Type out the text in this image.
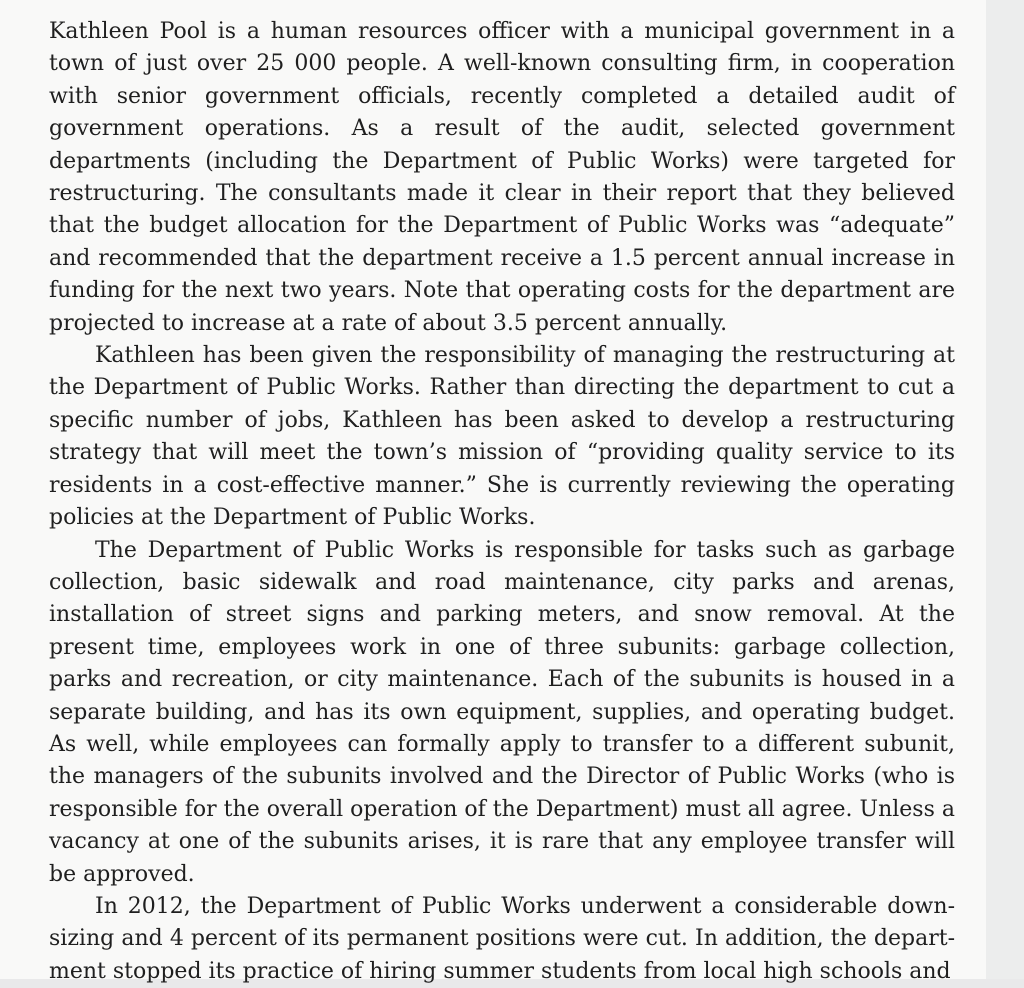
Kathleen Pool is a human resources officer with a municipal government in a town of just over 25 000 people. A well-known consulting firm, in cooperation with senior government officials, recently completed a detailed audit of government operations. As a result of the audit, selected government departments (including the Department of Public Works) were targeted for restructuring. The consultants made it clear in their report that they believed that the budget allocation for the Department of Public Works was “adequate” and recommended that the department receive a 1.5 percent annual increase in funding for the next two years. Note that operating costs for the department are projected to increase at a rate of about 3.5 percent annually.

Kathleen has been given the responsibility of managing the restructuring at the Department of Public Works. Rather than directing the department to cut a specific number of jobs, Kathleen has been asked to develop a restructuring strategy that will meet the town’s mission of “providing quality service to its residents in a cost-effective manner.” She is currently reviewing the operating policies at the Department of Public Works.

The Department of Public Works is responsible for tasks such as garbage collection, basic sidewalk and road maintenance, city parks and arenas, installation of street signs and parking meters, and snow removal. At the present time, employees work in one of three subunits: garbage collection, parks and recreation, or city maintenance. Each of the subunits is housed in a separate building, and has its own equipment, supplies, and operating budget. As well, while employees can formally apply to transfer to a different subunit, the managers of the subunits involved and the Director of Public Works (who is responsible for the overall operation of the Department) must all agree. Unless a vacancy at one of the subunits arises, it is rare that any employee transfer will be approved.

In 2012, the Department of Public Works underwent a considerable downsizing and 4 percent of its permanent positions were cut. In addition, the department stopped its practice of hiring summer students from local high schools and
